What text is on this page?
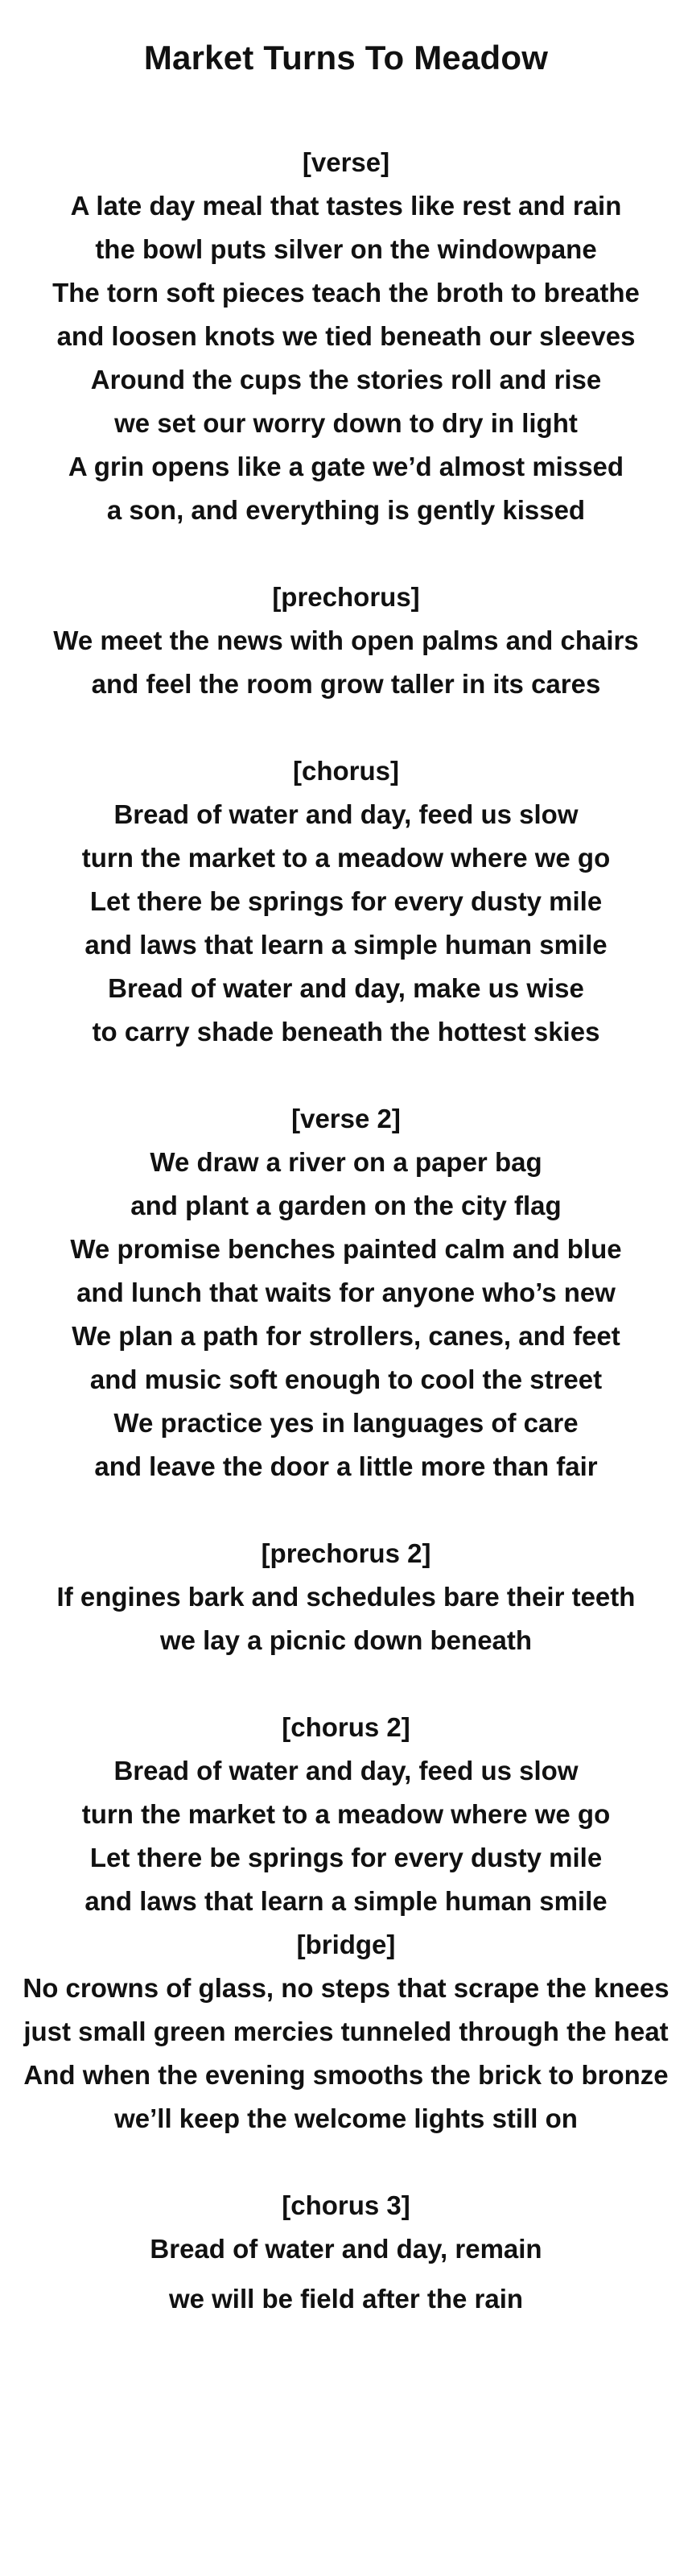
Market Turns To Meadow
[verse]
A late day meal that tastes like rest and rain
the bowl puts silver on the windowpane
The torn soft pieces teach the broth to breathe
and loosen knots we tied beneath our sleeves
Around the cups the stories roll and rise
we set our worry down to dry in light
A grin opens like a gate we’d almost missed
a son, and everything is gently kissed
[prechorus]
We meet the news with open palms and chairs
and feel the room grow taller in its cares
[chorus]
Bread of water and day, feed us slow
turn the market to a meadow where we go
Let there be springs for every dusty mile
and laws that learn a simple human smile
Bread of water and day, make us wise
to carry shade beneath the hottest skies
[verse 2]
We draw a river on a paper bag
and plant a garden on the city flag
We promise benches painted calm and blue
and lunch that waits for anyone who’s new
We plan a path for strollers, canes, and feet
and music soft enough to cool the street
We practice yes in languages of care
and leave the door a little more than fair
[prechorus 2]
If engines bark and schedules bare their teeth
we lay a picnic down beneath
[chorus 2]
Bread of water and day, feed us slow
turn the market to a meadow where we go
Let there be springs for every dusty mile
and laws that learn a simple human smile
[bridge]
No crowns of glass, no steps that scrape the knees
just small green mercies tunneled through the heat
And when the evening smooths the brick to bronze
we’ll keep the welcome lights still on
[chorus 3]
Bread of water and day, remain
we will be field after the rain
